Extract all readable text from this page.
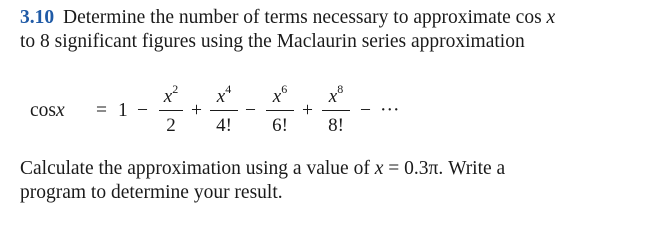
3.10 Determine the number of terms necessary to approximate cos x
to 8 significant figures using the Maclaurin series approximation
cosx = 1 −
$x^2$
2
+
$x^4$
4!
−
$x^6$
6!
+
$x^8$
8!
− ···
Calculate the approximation using a value of x = 0.3π. Write a
program to determine your result.
